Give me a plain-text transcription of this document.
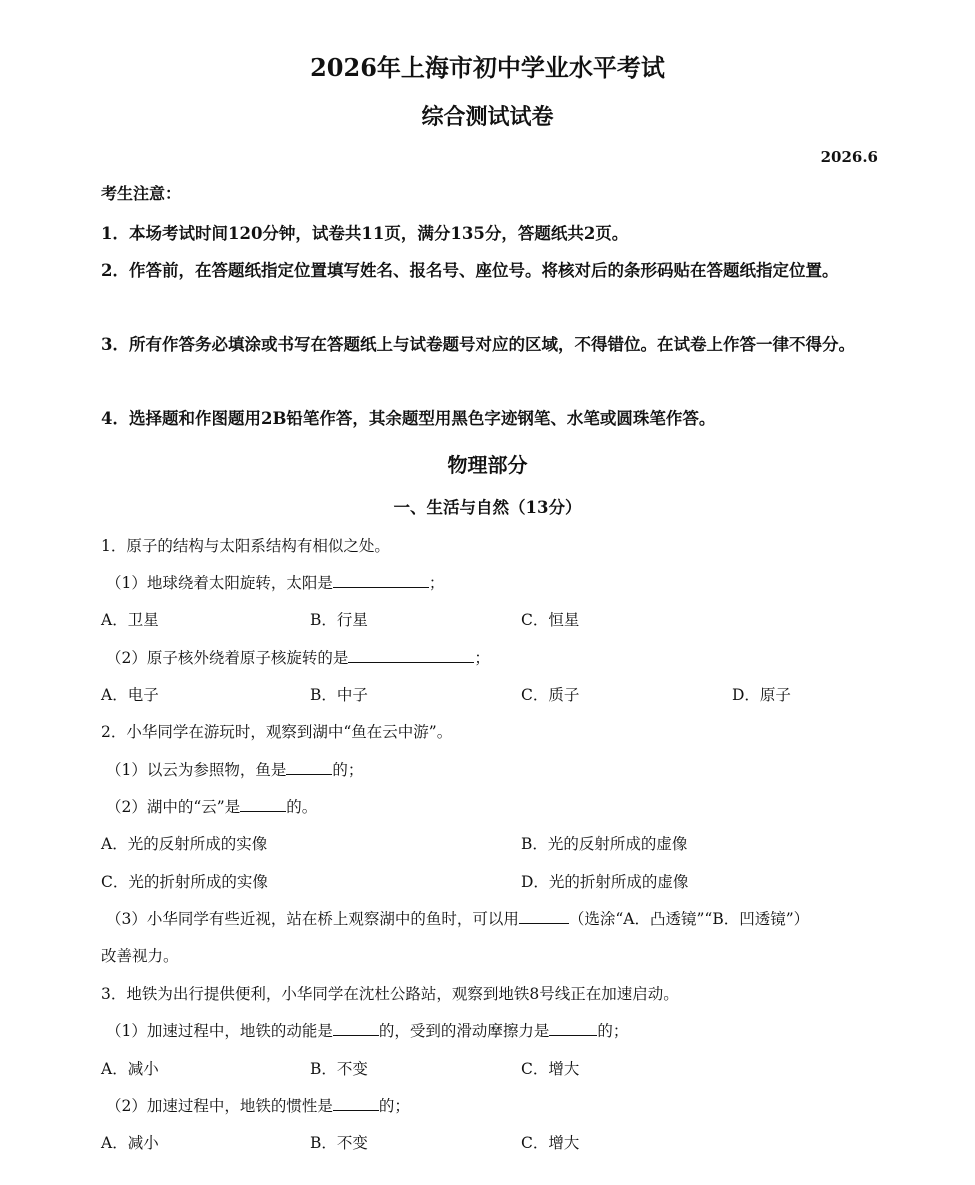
2026年上海市初中学业水平考试
综合测试试卷
2026.6
考生注意：
1．本场考试时间120分钟，试卷共11页，满分135分，答题纸共2页。
2．作答前，在答题纸指定位置填写姓名、报名号、座位号。将核对后的条形码贴在答题纸指定位置。
3．所有作答务必填涂或书写在答题纸上与试卷题号对应的区域，不得错位。在试卷上作答一律不得分。
4．选择题和作图题用2B铅笔作答，其余题型用黑色字迹钢笔、水笔或圆珠笔作答。
物理部分
一、生活与自然（13分）
1．原子的结构与太阳系结构有相似之处。
（1）地球绕着太阳旋转，太阳是	；
A．卫星	B．行星	C．恒星
（2）原子核外绕着原子核旋转的是	；
A．电子	B．中子	C．质子	D．原子
2．小华同学在游玩时，观察到湖中“鱼在云中游”。
（1）以云为参照物，鱼是	的；
（2）湖中的“云”是	的。
A．光的反射所成的实像	B．光的反射所成的虚像
C．光的折射所成的实像	D．光的折射所成的虚像
（3）小华同学有些近视，站在桥上观察湖中的鱼时，可以用	（选涂“A．凸透镜”“B．凹透镜”）
改善视力。
3．地铁为出行提供便利，小华同学在沈杜公路站，观察到地铁8号线正在加速启动。
（1）加速过程中，地铁的动能是	的，受到的滑动摩擦力是	的；
A．减小	B．不变	C．增大
（2）加速过程中，地铁的惯性是	的；
A．减小	B．不变	C．增大
